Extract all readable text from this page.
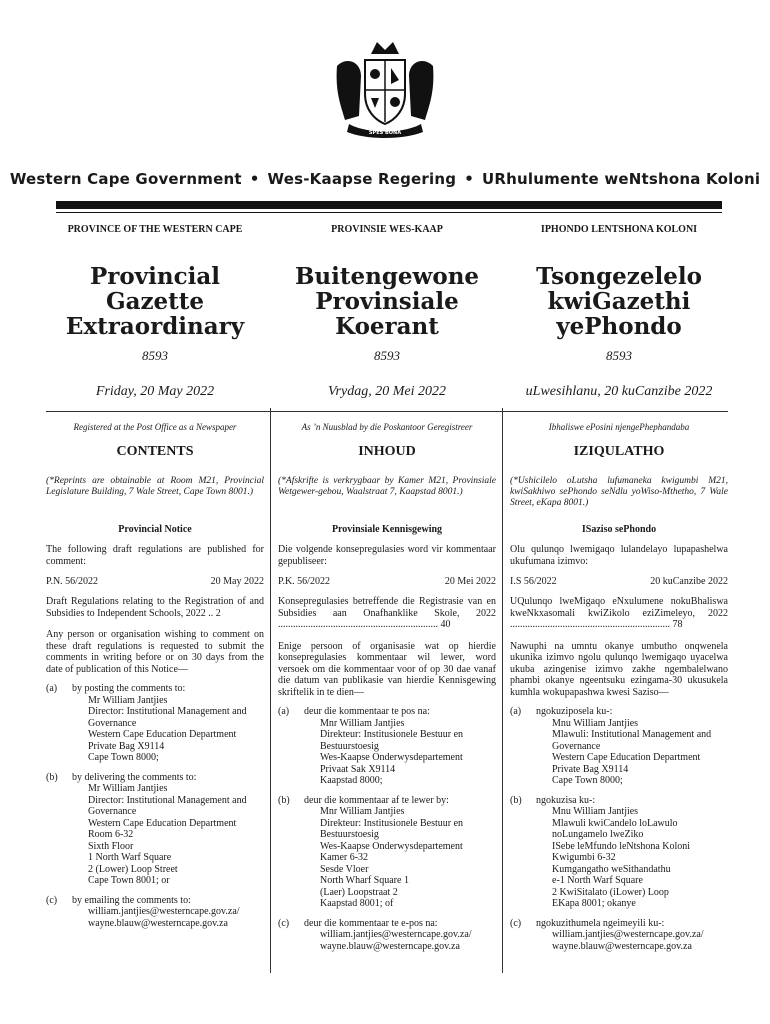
SPES BONA
Western Cape Government • Wes-Kaapse Regering • URhulumente weNtshona Koloni
PROVINCE OF THE WESTERN CAPE
Provincial Gazette
Extraordinary
8593
Friday, 20 May 2022
PROVINSIE WES-KAAP
Buitengewone
Provinsiale Koerant
8593
Vrydag, 20 Mei 2022
IPHONDO LENTSHONA KOLONI
Tsongezelelo
kwiGazethi yePhondo
8593
uLwesihlanu, 20 kuCanzibe 2022
Registered at the Post Office as a Newspaper
CONTENTS
(*Reprints are obtainable at Room M21, Provincial Legislature Building, 7 Wale Street, Cape Town 8001.)
Provincial Notice
The following draft regulations are published for comment:
P.N. 56/2022	20 May 2022
Draft Regulations relating to the Registration of and Subsidies to Independent Schools, 2022 .. 2
Any person or organisation wishing to comment on these draft regulations is requested to submit the comments in writing before or on 30 days from the date of publication of this Notice—
(a)	by posting the comments to:
Mr William Jantjies
Director: Institutional Management and Governance
Western Cape Education Department
Private Bag X9114
Cape Town 8000;
(b)	by delivering the comments to:
Mr William Jantjies
Director: Institutional Management and Governance
Western Cape Education Department
Room 6-32
Sixth Floor
1 North Warf Square
2 (Lower) Loop Street
Cape Town 8001; or
(c)	by emailing the comments to:
william.jantjies@westerncape.gov.za/
wayne.blauw@westerncape.gov.za
As ’n Nuusblad by die Poskantoor Geregistreer
INHOUD
(*Afskrifte is verkrygbaar by Kamer M21, Provinsiale Wetgewer-gebou, Waalstraat 7, Kaapstad 8001.)
Provinsiale Kennisgewing
Die volgende konsepregulasies word vir kommentaar gepubliseer:
P.K. 56/2022	20 Mei 2022
Konsepregulasies betreffende die Registrasie van en Subsidies aan Onafhanklike Skole, 2022 ................................................................ 40
Enige persoon of organisasie wat op hierdie konsepregulasies kommentaar wil lewer, word versoek om die kommentaar voor of op 30 dae vanaf die datum van publikasie van hierdie Kennisgewing skriftelik in te dien—
(a)	deur die kommentaar te pos na:
Mnr William Jantjies
Direkteur: Institusionele Bestuur en Bestuurstoesig
Wes-Kaapse Onderwysdepartement
Privaat Sak X9114
Kaapstad 8000;
(b)	deur die kommentaar af te lewer by:
Mnr William Jantjies
Direkteur: Institusionele Bestuur en Bestuurstoesig
Wes-Kaapse Onderwysdepartement
Kamer 6-32
Sesde Vloer
North Wharf Square 1
(Laer) Loopstraat 2
Kaapstad 8001; of
(c)	deur die kommentaar te e-pos na:
william.jantjies@westerncape.gov.za/
wayne.blauw@westerncape.gov.za
Ibhaliswe ePosini njengePhephandaba
IZIQULATHO
(*Ushicilelo oLutsha lufumaneka kwigumbi M21, kwiSakhiwo sePhondo seNdlu yoWiso-Mthetho, 7 Wale Street, eKapa 8001.)
ISaziso sePhondo
Olu qulunqo lwemigaqo lulandelayo lupapashelwa ukufumana izimvo:
I.S 56/2022	20 kuCanzibe 2022
UQulunqo lweMigaqo eNxulumene nokuBhaliswa kweNkxasomali kwiZikolo eziZimeleyo, 2022 ................................................................ 78
Nawuphi na umntu okanye umbutho onqwenela ukunika izimvo ngolu qulunqo lwemigaqo uyacelwa ukuba azingenise izimvo zakhe ngembalelwano phambi okanye ngeentsuku ezingama-30 ukusukela kumhla wokupapashwa kwesi Saziso—
(a)	ngokuziposela ku-:
Mnu William Jantjies
Mlawuli: Institutional Management and Governance
Western Cape Education Department
Private Bag X9114
Cape Town 8000;
(b)	ngokuzisa ku-:
Mnu William Jantjies
Mlawuli kwiCandelo loLawulo noLungamelo lweZiko
ISebe leMfundo leNtshona Koloni
Kwigumbi 6-32
Kumgangatho weSithandathu
e-1 North Warf Square
2 KwiSitalato (iLower) Loop
EKapa 8001; okanye
(c)	ngokuzithumela ngeimeyili ku-:
william.jantjies@westerncape.gov.za/
wayne.blauw@westerncape.gov.za
